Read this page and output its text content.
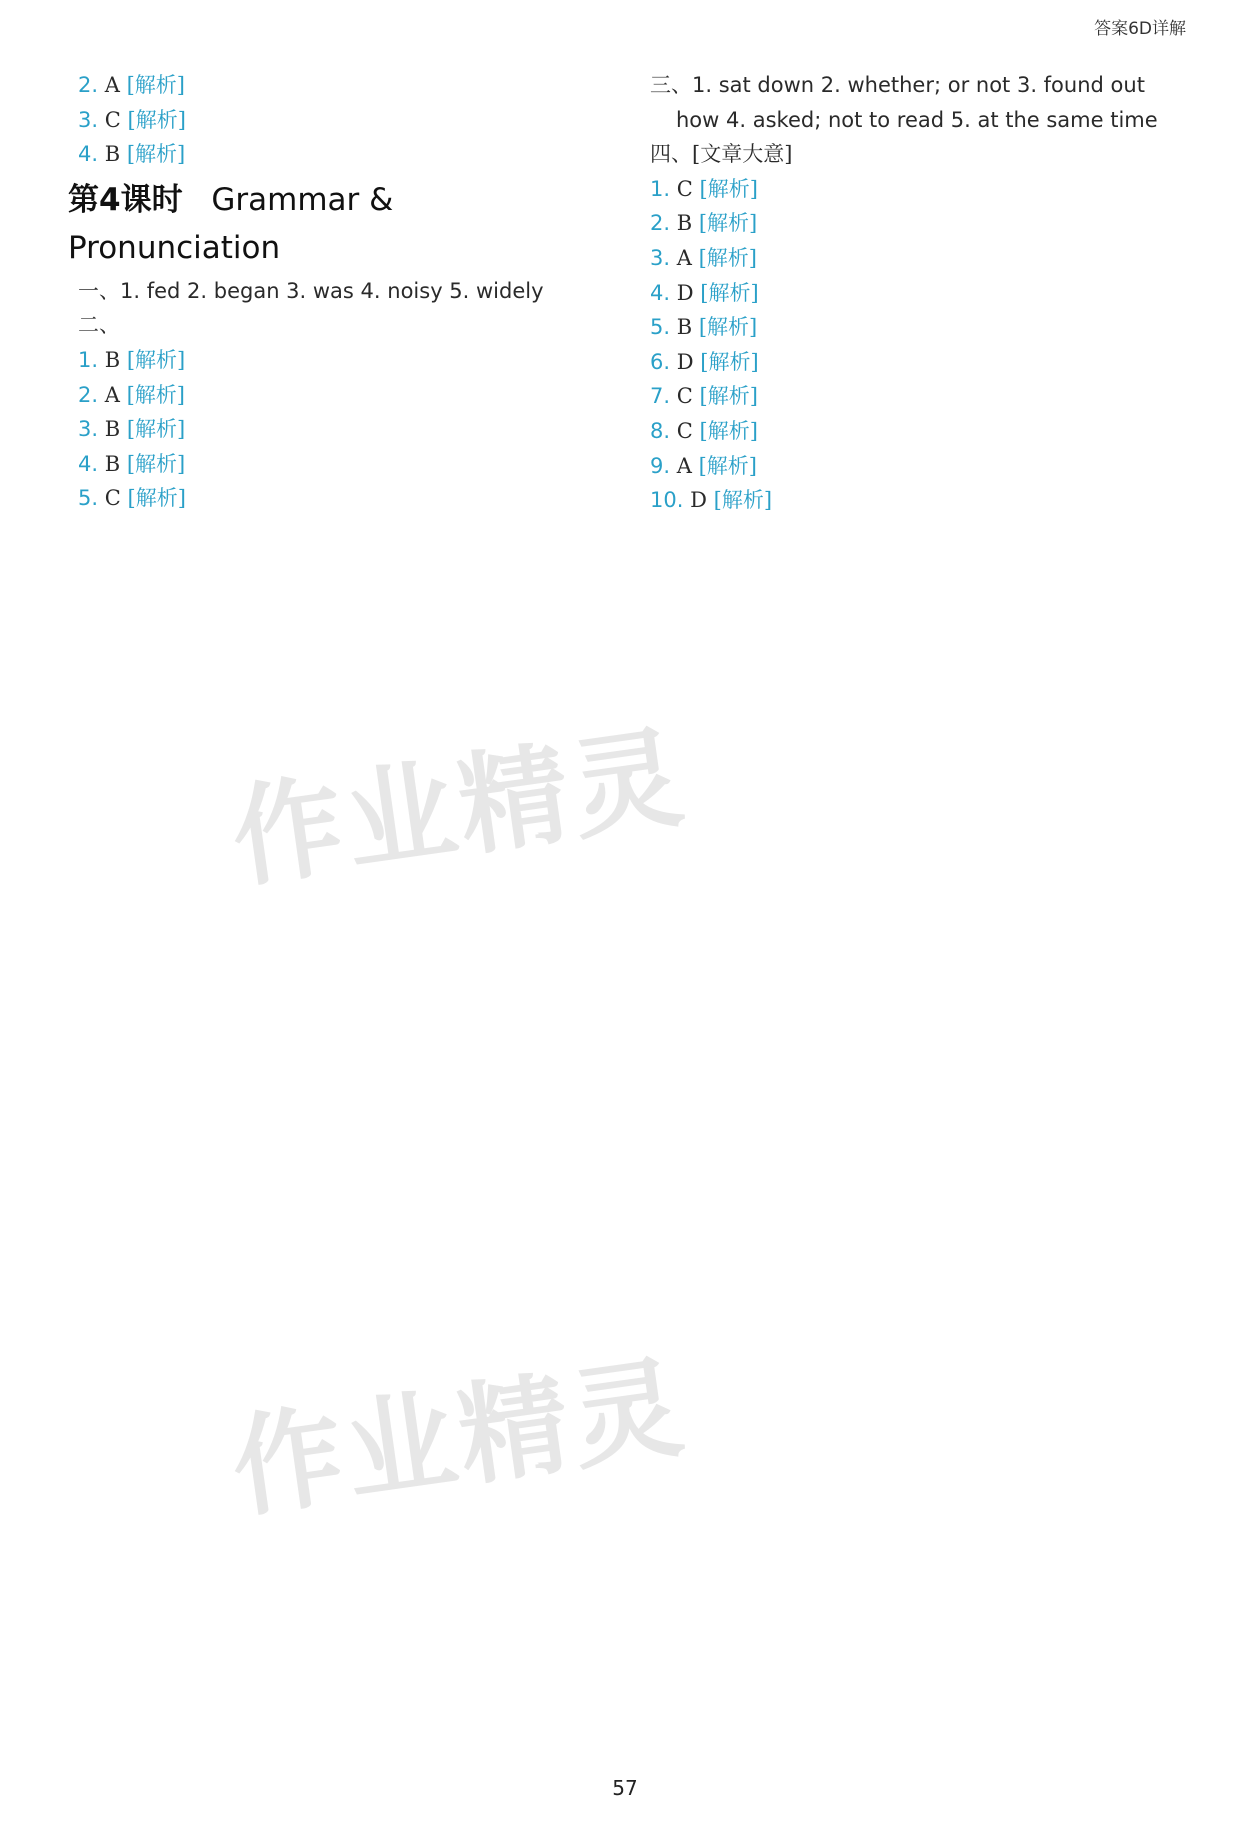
答案6D详解

2. A [解析]

3. C [解析]

4. B [解析]

第4课时 Grammar & Pronunciation

一、1. fed 2. began 3. was 4. noisy 5. widely

二、

1. B [解析]

2. A [解析]

3. B [解析]

4. B [解析]

5. C [解析]

三、1. sat down 2. whether; or not 3. found out how 4. asked; not to read 5. at the same time

四、[文章大意]

1. C [解析]

2. B [解析]

3. A [解析]

4. D [解析]

5. B [解析]

6. D [解析]

7. C [解析]

8. C [解析]

9. A [解析]

10. D [解析]

作业精灵
作业精灵
57
